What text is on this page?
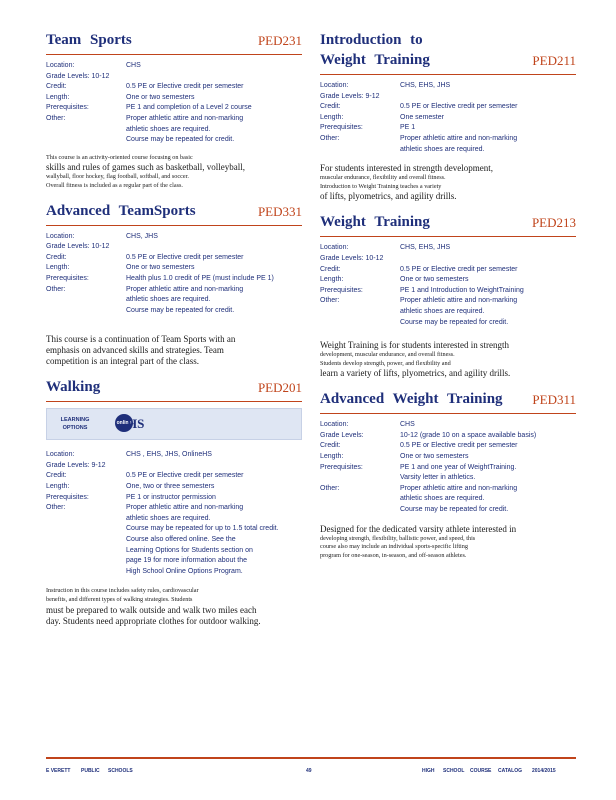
Team Sports	PED231
Location:	CHS
Grade Levels: 10-12
Credit:	0.5 PE or Elective credit per semester
Length:	One or two semesters
Prerequisites:	PE 1 and completion of a Level 2 course
Other:	Proper athletic attire and non-marking
athletic shoes are required.
Course may be repeated for credit.
This course is an activity-oriented course focusing on basic
skills and rules of games such as basketball, volleyball,
wallyball, floor hockey, flag football, softball, and soccer.
Overall fitness is included as a regular part of the class.
Advanced TeamSports	PED331
Location:	CHS, JHS
Grade Levels: 10-12
Credit:	0.5 PE or Elective credit per semester
Length:	One or two semesters
Prerequisites:	Health plus 1.0 credit of PE (must include PE 1)
Other:	Proper athletic attire and non-marking
athletic shoes are required.
Course may be repeated for credit.
This course is a continuation of Team Sports with an
emphasis on advanced skills and strategies. Team
competition is an integral part of the class.
Walking	PED201
LEARNING OPTIONS
online
HS
Location:	CHS , EHS, JHS, OnlineHS
Grade Levels: 9-12
Credit:	0.5 PE or Elective credit per semester
Length:	One, two or three semesters
Prerequisites:	PE 1 or instructor permission
Other:	Proper athletic attire and non-marking
athletic shoes are required.
Course may be repeated for up to 1.5 total credit.
Course also offered online. See the
Learning Options for Students section on
page 19 for more information about the
High School Online Options Program.
Instruction in this course includes safety rules, cardiovascular
benefits, and different types of walking strategies. Students
must be prepared to walk outside and walk two miles each
day. Students need appropriate clothes for outdoor walking.
Introduction to
Weight Training	PED211
Location:	CHS, EHS, JHS
Grade Levels: 9-12
Credit:	0.5 PE or Elective credit per semester
Length:	One semester
Prerequisites:	PE 1
Other:	Proper athletic attire and non-marking
athletic shoes are required.
For students interested in strength development,
muscular endurance, flexibility and overall fitness.
Introduction to Weight Training teaches a variety
of lifts, plyometrics, and agility drills.
Weight Training	PED213
Location:	CHS, EHS, JHS
Grade Levels: 10-12
Credit:	0.5 PE or Elective credit per semester
Length:	One or two semesters
Prerequisites:	PE 1 and Introduction to WeightTraining
Other:	Proper athletic attire and non-marking
athletic shoes are required.
Course may be repeated for credit.
Weight Training is for students interested in strength
development, muscular endurance, and overall fitness.
Students develop strength, power, and flexibility and
learn a variety of lifts, plyometrics, and agility drills.
Advanced Weight Training PED311
Location:	CHS
Grade Levels:	10-12 (grade 10 on a space available basis)
Credit:	0.5 PE or Elective credit per semester
Length:	One or two semesters
Prerequisites:	PE 1 and one year of WeightTraining.
Varsity letter in athletics.
Other:	Proper athletic attire and non-marking
athletic shoes are required.
Course may be repeated for credit.
Designed for the dedicated varsity athlete interested in
developing strength, flexibility, ballistic power, and speed, this
course also may include an individual sports-specific lifting
program for one-season, in-season, and off-season athletes.
E VERETT PUBLIC SCHOOLS	49	HIGH SCHOOL COURSE CATALOG 2014/2015
